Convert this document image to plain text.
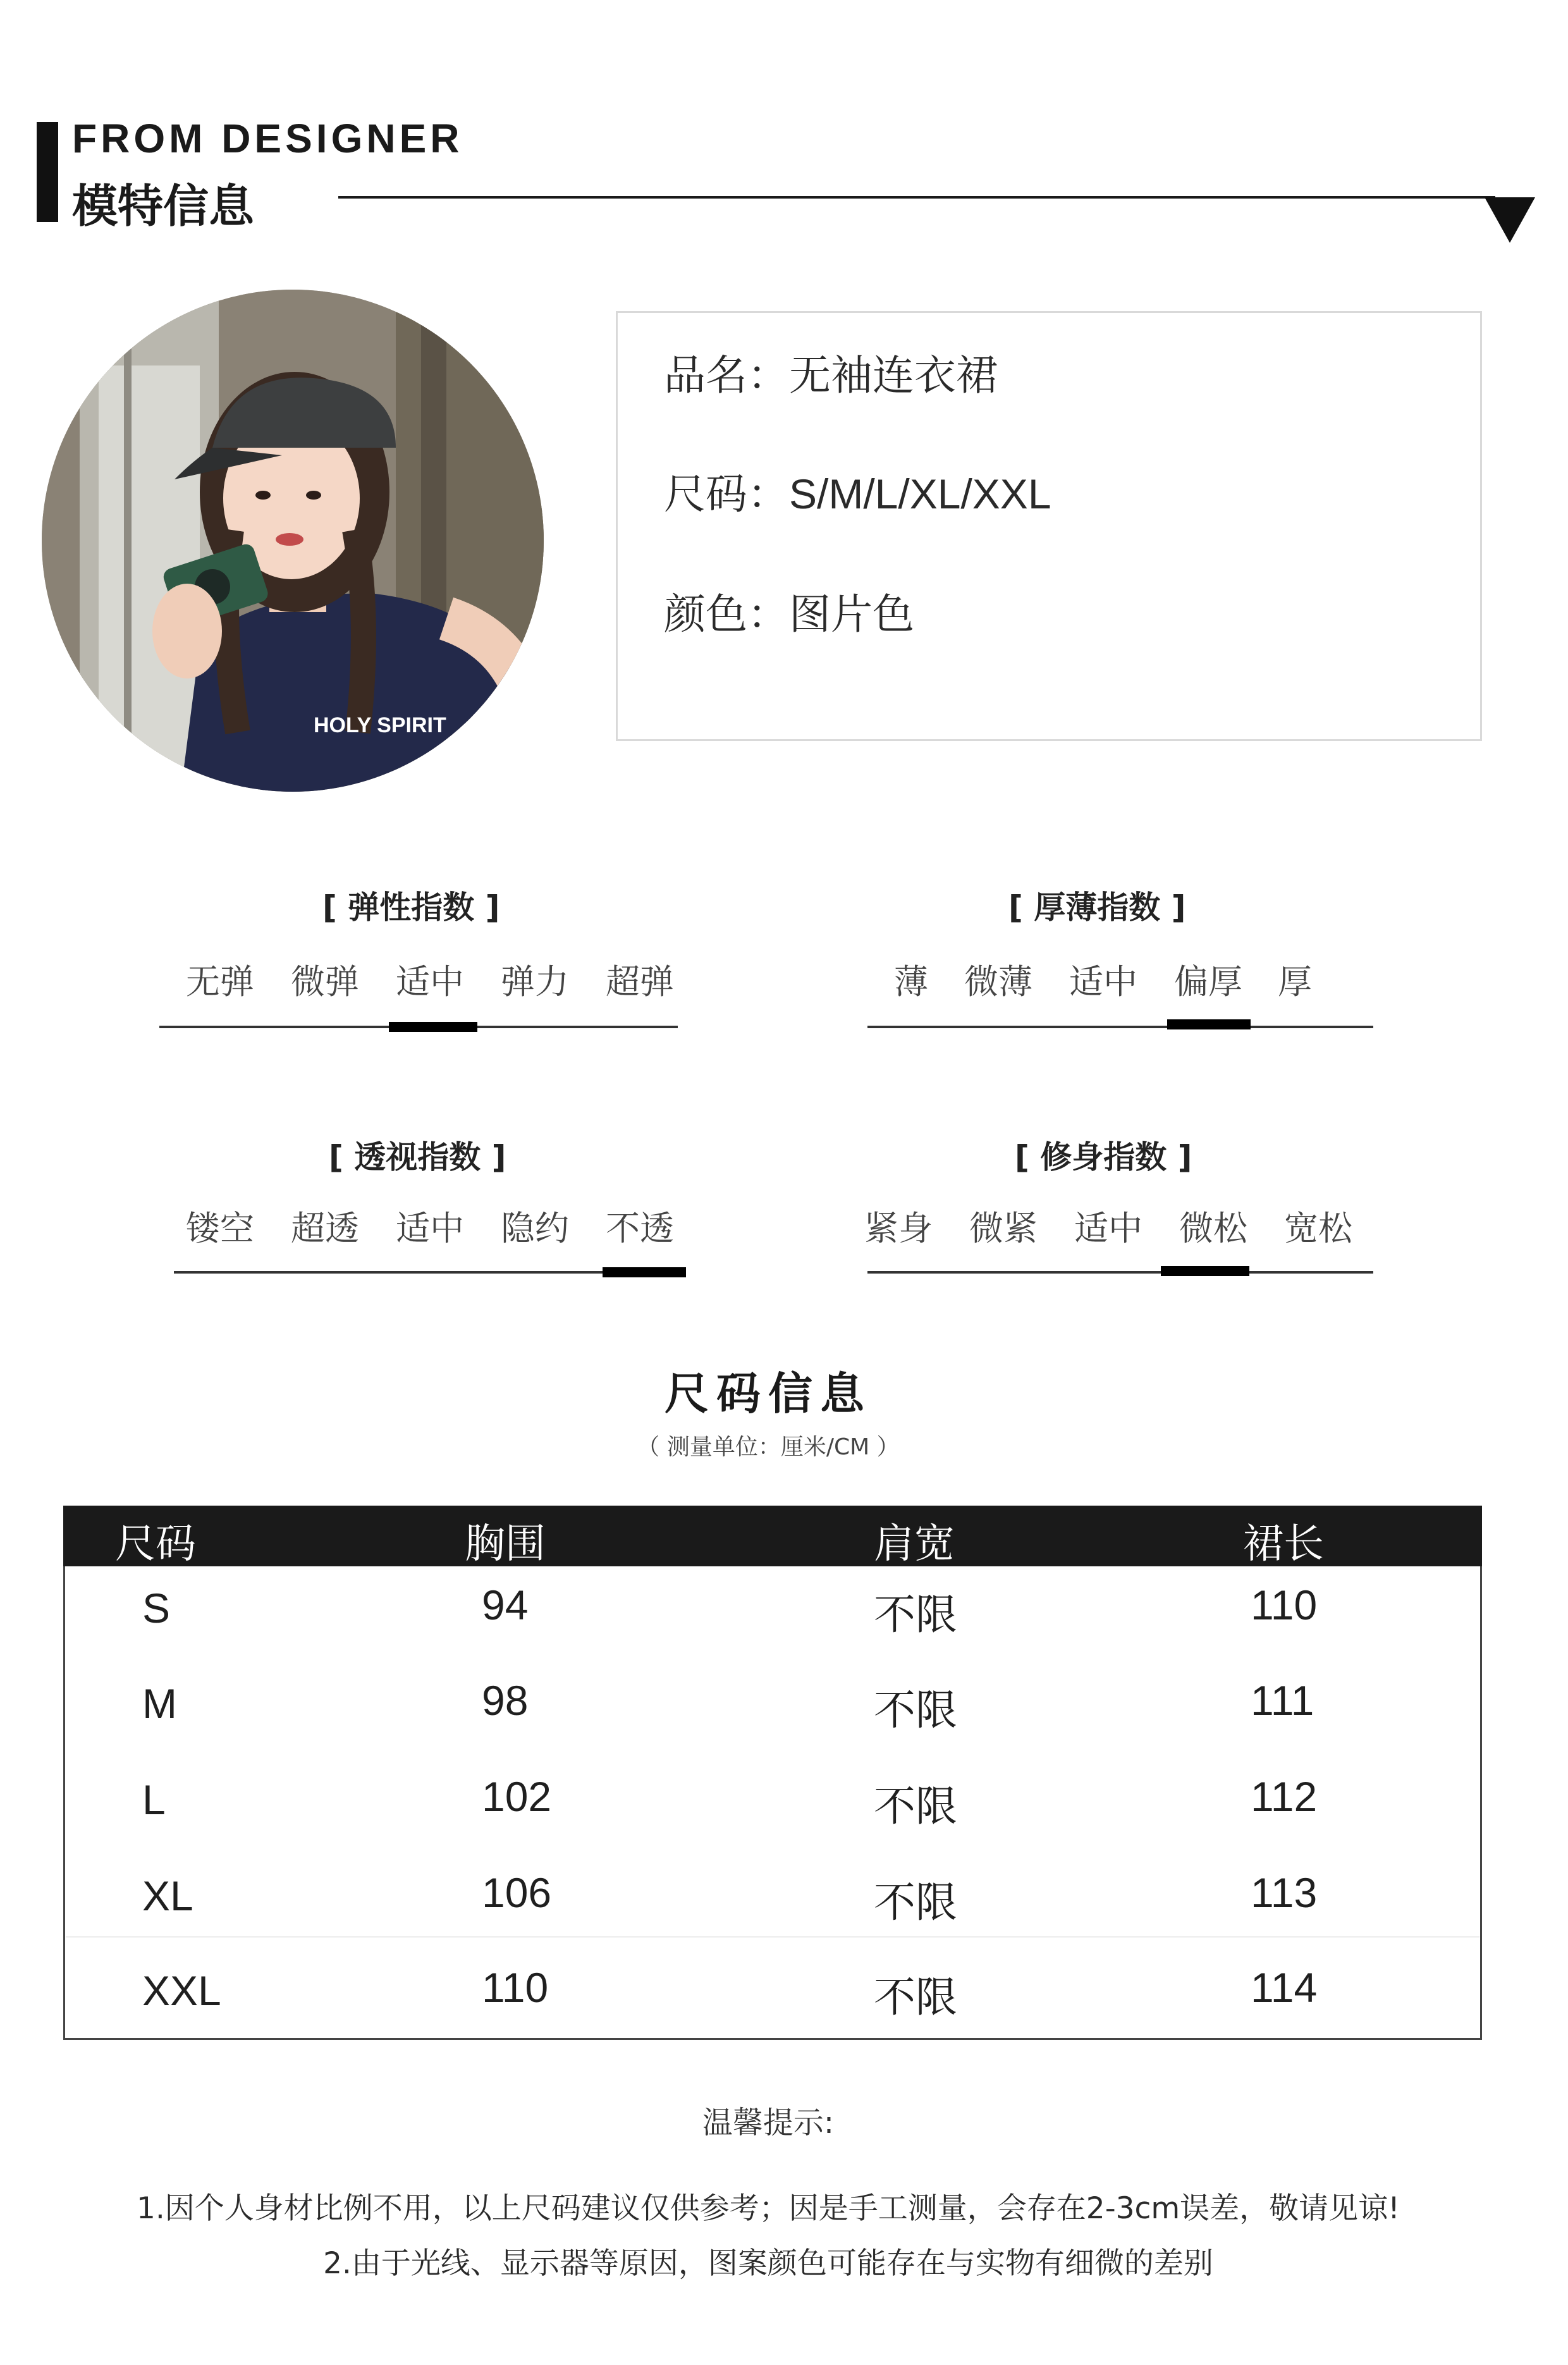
FROM DESIGNER
模特信息
HOLY SPIRIT
品名：无袖连衣裙
尺码：S/M/L/XL/XXL
颜色：图片色
[ 弹性指数 ]
无弹	微弹	适中	弹力	超弹
[ 厚薄指数 ]
薄	微薄	适中	偏厚	厚
[ 透视指数 ]
镂空	超透	适中	隐约	不透
[ 修身指数 ]
紧身	微紧	适中	微松	宽松
尺码信息
（ 测量单位：厘米/CM ）
尺码	胸围	肩宽	裙长
S	94	不限	110
M	98	不限	111
L	102	不限	112
XL	106	不限	113
XXL	110	不限	114
温馨提示:
1.因个人身材比例不用，以上尺码建议仅供参考；因是手工测量，会存在2-3cm误差，敬请见谅!
2.由于光线、显示器等原因，图案颜色可能存在与实物有细微的差别
